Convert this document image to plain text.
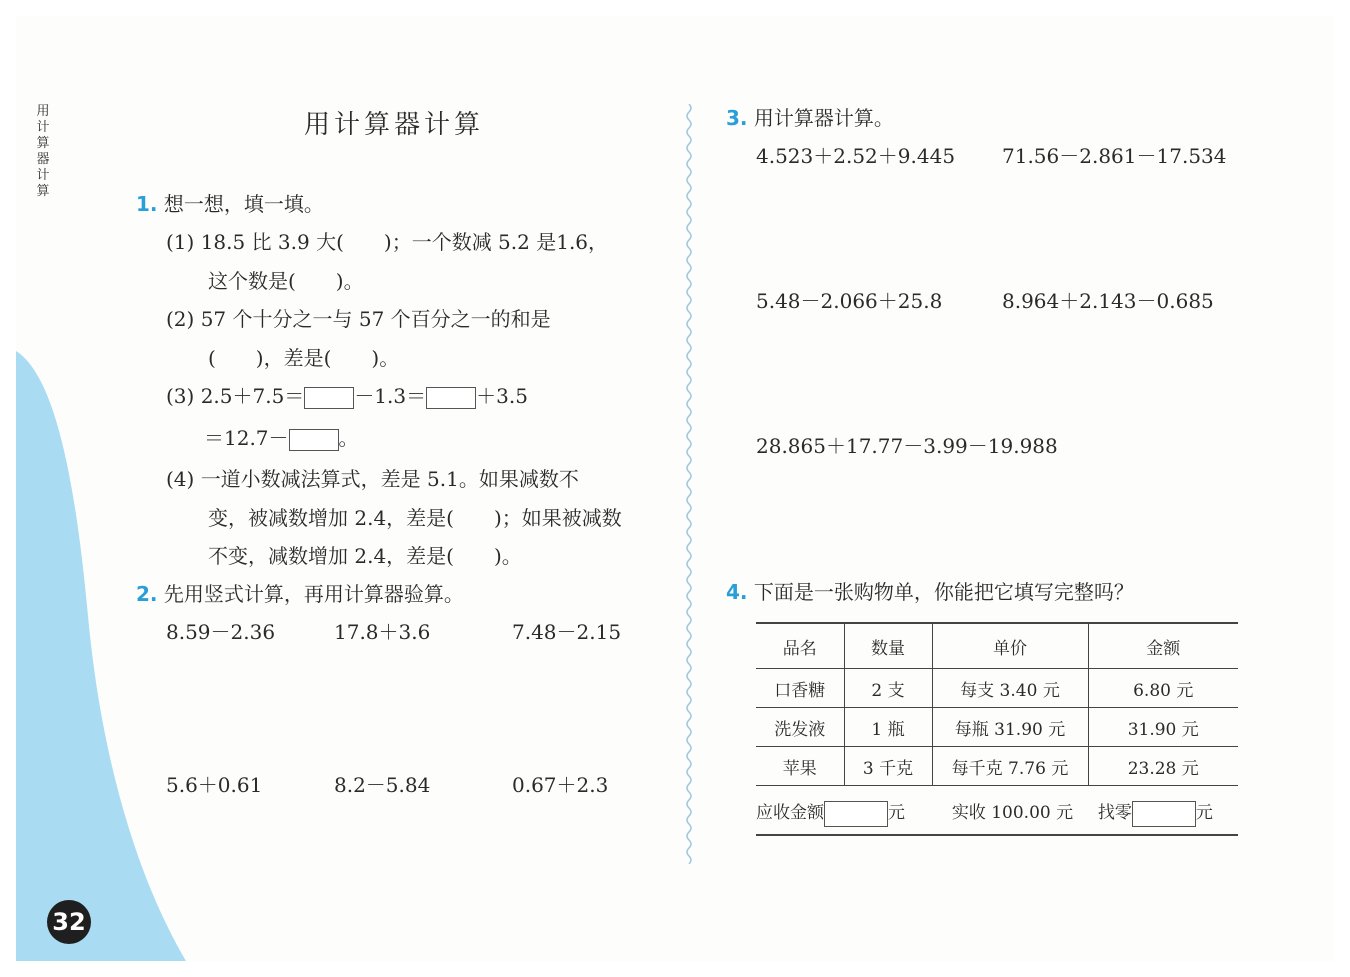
用计算器计算
32
用计算器计算
1. 想一想，填一填。
(1) 18.5 比 3.9 大(　　)；一个数减 5.2 是1.6，
这个数是(　　)。
(2) 57 个十分之一与 57 个百分之一的和是
(　　)，差是(　　)。
(3) 2.5＋7.5＝	－1.3＝	＋3.5
＝12.7－	。
(4) 一道小数减法算式，差是 5.1。如果减数不
变，被减数增加 2.4，差是(　　)；如果被减数
不变，减数增加 2.4，差是(　　)。
2. 先用竖式计算，再用计算器验算。
8.59－2.36	17.8＋3.6	7.48－2.15
5.6＋0.61	8.2－5.84	0.67＋2.3
3. 用计算器计算。
4.523＋2.52＋9.445 71.56－2.861－17.534
5.48－2.066＋25.8	8.964＋2.143－0.685
28.865＋17.77－3.99－19.988
4. 下面是一张购物单，你能把它填写完整吗？
品名	数量	单价	金额
口香糖	2 支	每支 3.40 元	6.80 元
洗发液	1 瓶	每瓶 31.90 元	31.90 元
苹果	3 千克	每千克 7.76 元	23.28 元
应收金额	元	实收 100.00 元 找零	元
